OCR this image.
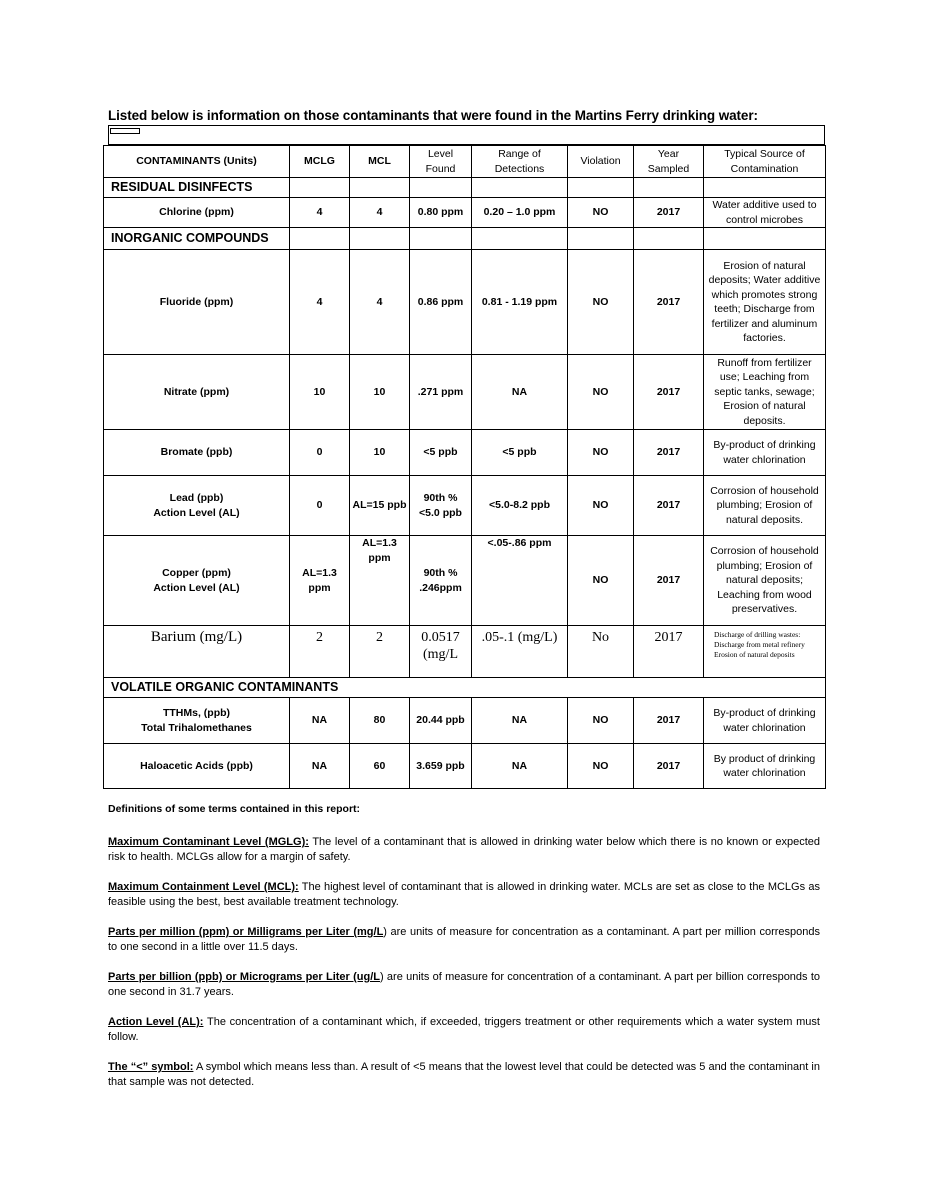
Listed below is information on those contaminants that were found in the Martins Ferry drinking water:
CONTAMINANTS (Units)	MCLG	MCL	Level Found	Range of Detections	Violation	Year Sampled	Typical Source of Contamination
RESIDUAL DISINFECTS							
Chlorine (ppm)	4	4	0.80 ppm	0.20 – 1.0 ppm	NO	2017	Water additive used to control microbes
INORGANIC COMPOUNDS							
Fluoride (ppm)	4	4	0.86 ppm	0.81 - 1.19 ppm	NO	2017	Erosion of natural deposits; Water additive which promotes strong teeth; Discharge from fertilizer and aluminum factories.
Nitrate (ppm)	10	10	.271 ppm	NA	NO	2017	Runoff from fertilizer use; Leaching from septic tanks, sewage; Erosion of natural deposits.
Bromate (ppb)	0	10	<5 ppb	<5 ppb	NO	2017	By-product of drinking water chlorination
Lead (ppb)
Action Level (AL)	0	AL=15 ppb	90th % <5.0 ppb	<5.0-8.2 ppb	NO	2017	Corrosion of household plumbing; Erosion of natural deposits.
Copper (ppm)
Action Level (AL)	AL=1.3 ppm	AL=1.3 ppm	90th % .246ppm	<.05-.86 ppm	NO	2017	Corrosion of household plumbing; Erosion of natural deposits; Leaching from wood preservatives.
Barium (mg/L)	2	2	0.0517 (mg/L	.05-.1 (mg/L)	No	2017	Discharge of drilling wastes:
Discharge from metal refinery
Erosion of natural deposits
VOLATILE ORGANIC CONTAMINANTS							
TTHMs, (ppb)
Total Trihalomethanes	NA	80	20.44 ppb	NA	NO	2017	By-product of drinking water chlorination
Haloacetic Acids (ppb)	NA	60	3.659 ppb	NA	NO	2017	By product of drinking water chlorination
Definitions of some terms contained in this report:

Maximum Contaminant Level (MGLG): The level of a contaminant that is allowed in drinking water below which there is no known or expected risk to health. MCLGs allow for a margin of safety.

Maximum Containment Level (MCL): The highest level of contaminant that is allowed in drinking water. MCLs are set as close to the MCLGs as feasible using the best, best available treatment technology.

Parts per million (ppm) or Milligrams per Liter (mg/L) are units of measure for concentration as a contaminant. A part per million corresponds to one second in a little over 11.5 days.

Parts per billion (ppb) or Micrograms per Liter (ug/L) are units of measure for concentration of a contaminant. A part per billion corresponds to one second in 31.7 years.

Action Level (AL): The concentration of a contaminant which, if exceeded, triggers treatment or other requirements which a water system must follow.

The “<” symbol: A symbol which means less than. A result of <5 means that the lowest level that could be detected was 5 and the contaminant in that sample was not detected.
